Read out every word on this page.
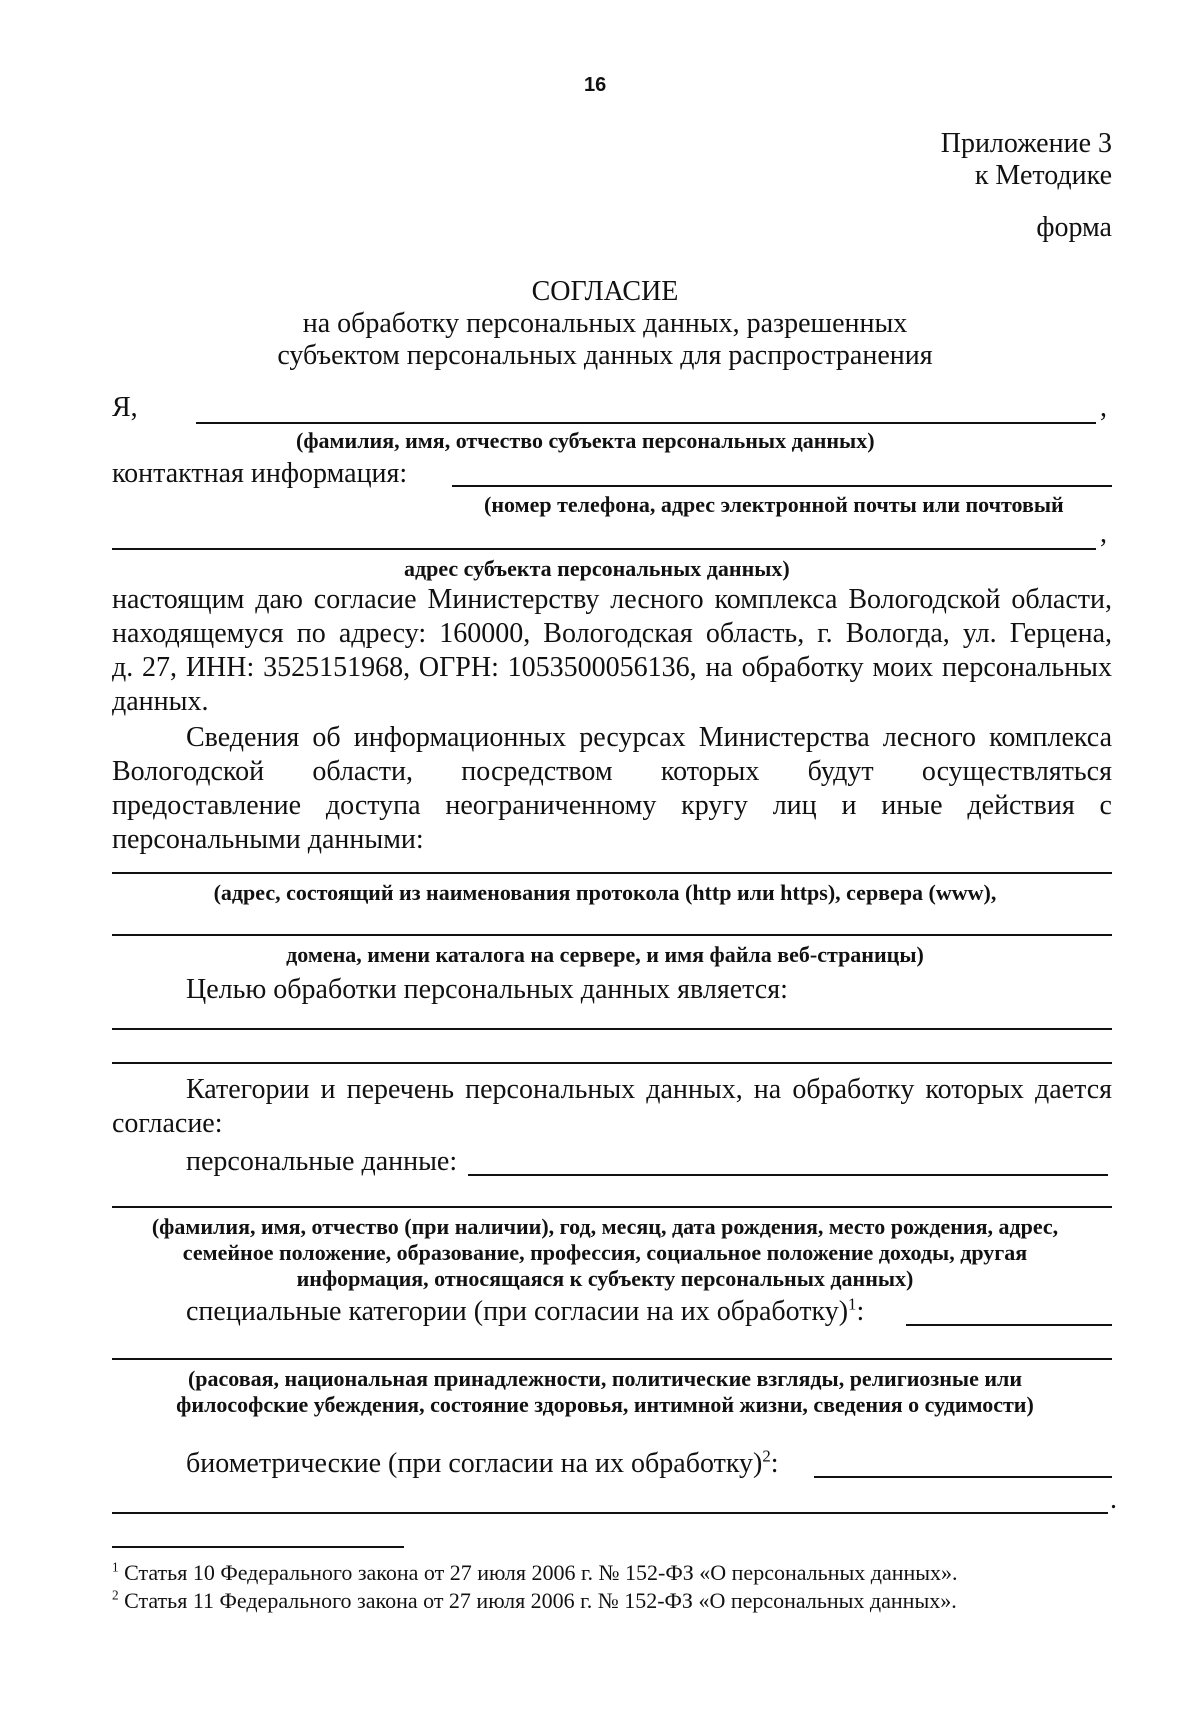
16
Приложение 3
к Методике
форма
СОГЛАСИЕ
на обработку персональных данных, разрешенных
субъектом персональных данных для распространения
Я,	,
(фамилия, имя, отчество субъекта персональных данных)
контактная информация:
(номер телефона, адрес электронной почты или почтовый
,
адрес субъекта персональных данных)
настоящим даю согласие Министерству лесного комплекса Вологодской области,
находящемуся по адресу: 160000, Вологодская область, г. Вологда, ул. Герцена,
д. 27, ИНН: 3525151968, ОГРН: 1053500056136, на обработку моих персональных
данных.
Сведения об информационных ресурсах Министерства лесного комплекса
Вологодской области, посредством которых будут осуществляться
предоставление доступа неограниченному кругу лиц и иные действия с
персональными данными:
(адрес, состоящий из наименования протокола (http или https), сервера (www),
домена, имени каталога на сервере, и имя файла веб-страницы)
Целью обработки персональных данных является:
Категории и перечень персональных данных, на обработку которых дается
согласие:
персональные данные:
(фамилия, имя, отчество (при наличии), год, месяц, дата рождения, место рождения, адрес,
семейное положение, образование, профессия, социальное положение доходы, другая
информация, относящаяся к субъекту персональных данных)
специальные категории (при согласии на их обработку)$^1$:
(расовая, национальная принадлежности, политические взгляды, религиозные или
философские убеждения, состояние здоровья, интимной жизни, сведения о судимости)
биометрические (при согласии на их обработку)$^2$:
.
$^1$ Статья 10 Федерального закона от 27 июля 2006 г. № 152-ФЗ «О персональных данных».
$^2$ Статья 11 Федерального закона от 27 июля 2006 г. № 152-ФЗ «О персональных данных».
